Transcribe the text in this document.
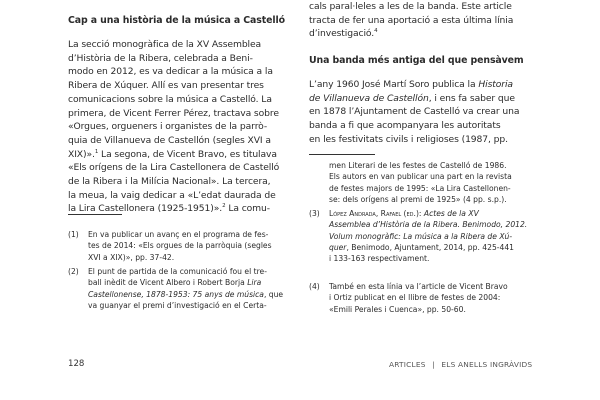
Cap a una història de la música a Castelló

La secció monogràfica de la XV Assemblea
d’Història de la Ribera, celebrada a Beni-
modo en 2012, es va dedicar a la música a la
Ribera de Xúquer. Allí es van presentar tres
comunicacions sobre la música a Castelló. La
primera, de Vicent Ferrer Pérez, tractava sobre
«Orgues, orgueners i organistes de la parrò-
quia de Villanueva de Castellón (segles XVI a
XIX)».$^1$ La segona, de Vicent Bravo, es titulava
«Els orígens de la Lira Castellonera de Castelló
de la Ribera i la Milícia Nacional». La tercera,
la meua, la vaig dedicar a «L’edat daurada de
la Lira Castellonera (1925-1951)».$^2$ La comu-

(1) En va publicar un avanç en el programa de fes-
tes de 2014: «Els orgues de la parròquia (segles
XVI a XIX)», pp. 37-42.

(2) El punt de partida de la comunicació fou el tre-
ball inèdit de Vicent Albero i Robert Borja Lira
Castellonense, 1878-1953: 75 anys de música, que
va guanyar el premi d’investigació en el Certa-

cals paral·leles a les de la banda. Este article
tracta de fer una aportació a esta última línia
d’investigació.$^4$

Una banda més antiga del que pensàvem

L’any 1960 José Martí Soro publica la Historia
de Villanueva de Castellón, i ens fa saber que
en 1878 l’Ajuntament de Castelló va crear una
banda a fi que acompanyara les autoritats
en les festivitats civils i religioses (1987, pp.

men Literari de les festes de Castelló de 1986.
Els autors en van publicar una part en la revista
de festes majors de 1995: «La Lira Castellonen-
se: dels orígens al premi de 1925» (4 pp. s.p.).

(3) López Andrada, Rafael (ed.): Actes de la XV
Assemblea d’Història de la Ribera. Benimodo, 2012.
Volum monogràfic: La música a la Ribera de Xú-
quer, Benimodo, Ajuntament, 2014, pp. 425-441
i 133-163 respectivament.

(4) També en esta línia va l’article de Vicent Bravo
i Ortiz publicat en el llibre de festes de 2004:
«Emili Perales i Cuenca», pp. 50-60.

128	ARTICLES | ELS ANELLS INGRÀVIDS
